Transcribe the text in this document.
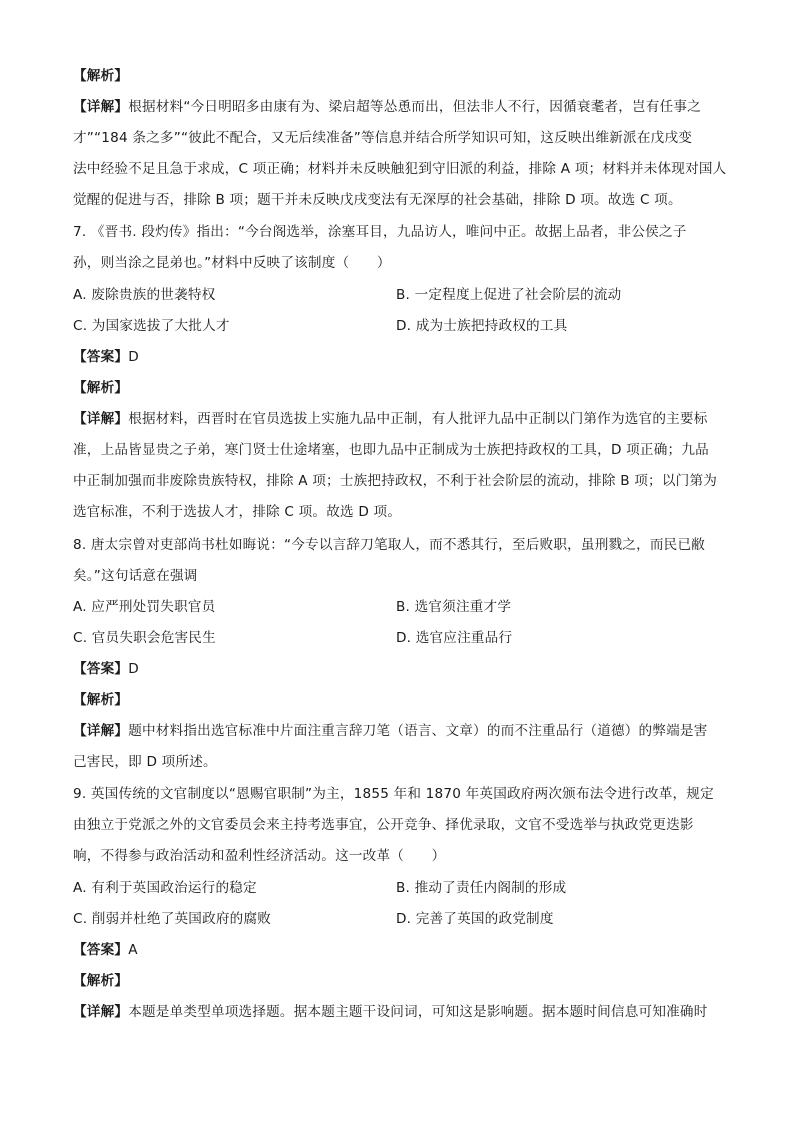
【解析】
【详解】根据材料“今日明昭多由康有为、梁启超等怂恿而出，但法非人不行，因循衰耄者，岂有任事之
才”“184 条之多”“彼此不配合，又无后续准备”等信息并结合所学知识可知，这反映出维新派在戊戌变
法中经验不足且急于求成，C 项正确；材料并未反映触犯到守旧派的利益，排除 A 项；材料并未体现对国人
觉醒的促进与否，排除 B 项；题干并未反映戊戌变法有无深厚的社会基础，排除 D 项。故选 C 项。
7. 《晋书. 段灼传》指出：“今台阁选举，涂塞耳目，九品访人，唯问中正。故据上品者，非公侯之子
孙，则当涂之昆弟也。”材料中反映了该制度（　　）
A. 废除贵族的世袭特权	B. 一定程度上促进了社会阶层的流动
C. 为国家选拔了大批人才	D. 成为士族把持政权的工具
【答案】D
【解析】
【详解】根据材料，西晋时在官员选拔上实施九品中正制，有人批评九品中正制以门第作为选官的主要标
准，上品皆显贵之子弟，寒门贤士仕途堵塞，也即九品中正制成为士族把持政权的工具，D 项正确；九品
中正制加强而非废除贵族特权，排除 A 项；士族把持政权，不利于社会阶层的流动，排除 B 项；以门第为
选官标准，不利于选拔人才，排除 C 项。故选 D 项。
8. 唐太宗曾对吏部尚书杜如晦说：“今专以言辞刀笔取人，而不悉其行，至后败职，虽刑戮之，而民已敝
矣。”这句话意在强调
A. 应严刑处罚失职官员	B. 选官须注重才学
C. 官员失职会危害民生	D. 选官应注重品行
【答案】D
【解析】
【详解】题中材料指出选官标准中片面注重言辞刀笔（语言、文章）的而不注重品行（道德）的弊端是害
己害民，即 D 项所述。
9. 英国传统的文官制度以“恩赐官职制”为主，1855 年和 1870 年英国政府两次颁布法令进行改革，规定
由独立于党派之外的文官委员会来主持考选事宜，公开竞争、择优录取，文官不受选举与执政党更迭影
响，不得参与政治活动和盈利性经济活动。这一改革（　　）
A. 有利于英国政治运行的稳定	B. 推动了责任内阁制的形成
C. 削弱并杜绝了英国政府的腐败	D. 完善了英国的政党制度
【答案】A
【解析】
【详解】本题是单类型单项选择题。据本题主题干设问词，可知这是影响题。据本题时间信息可知准确时
